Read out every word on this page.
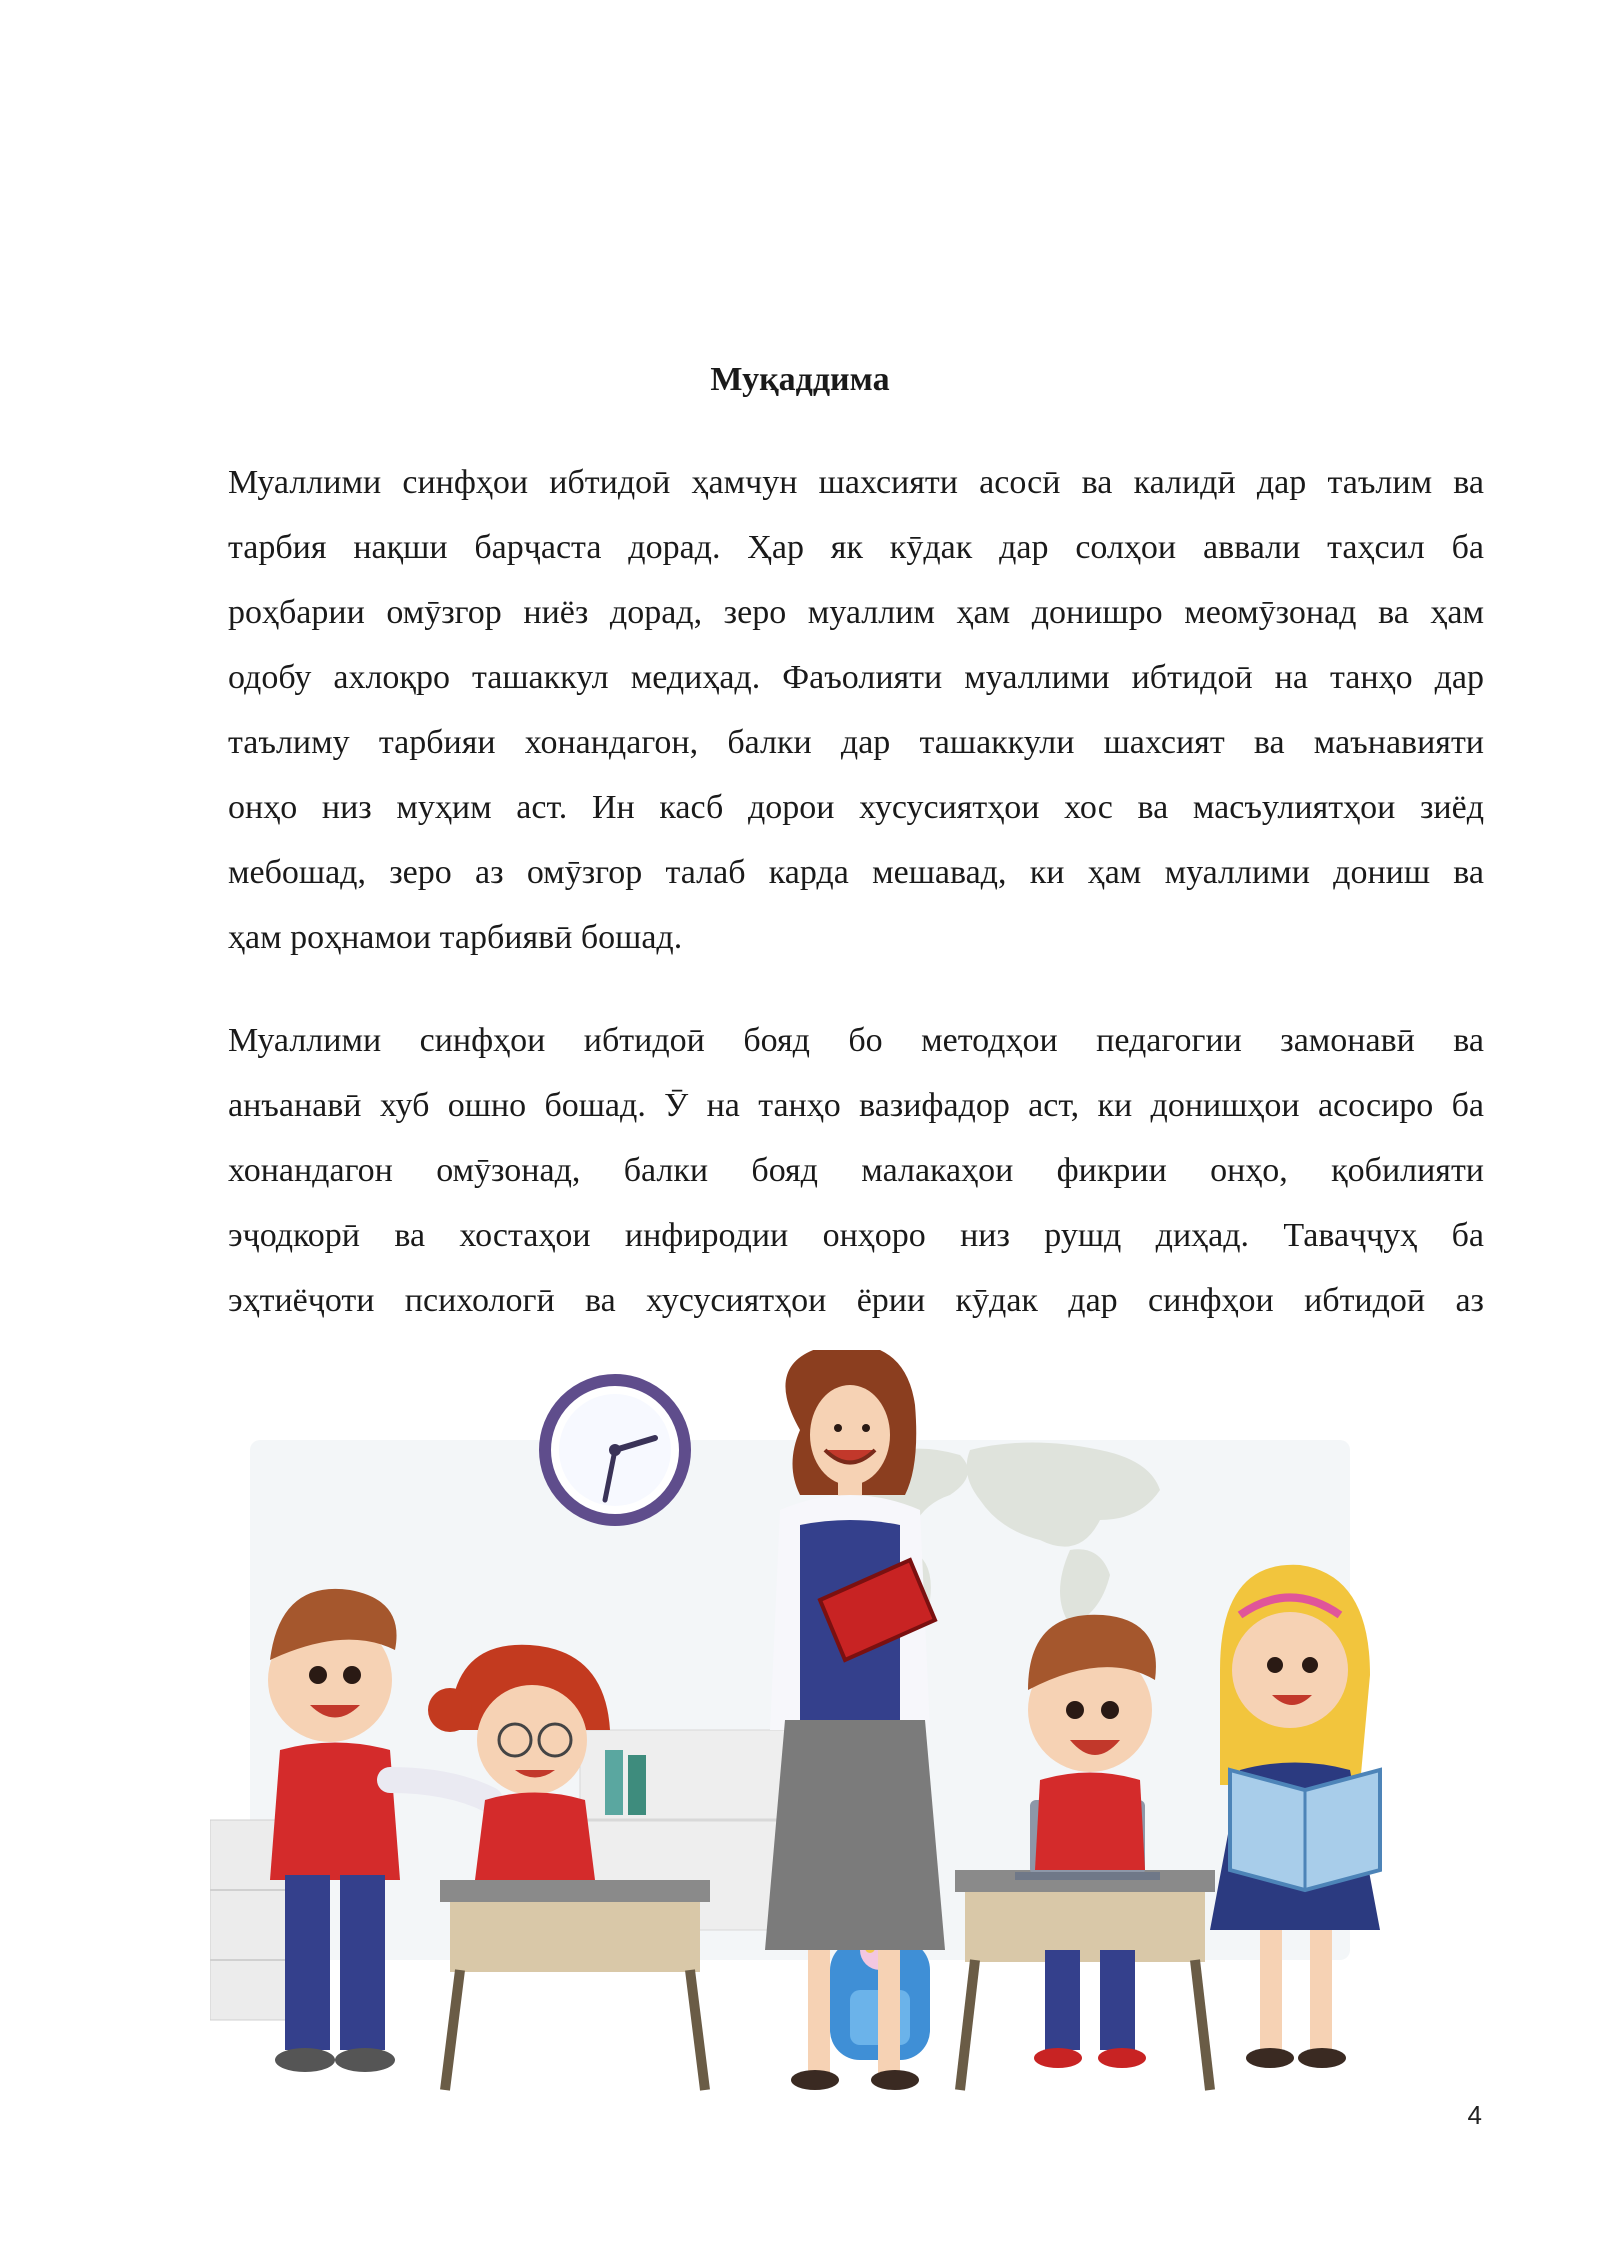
Муқаддима
Муаллими синфҳои ибтидоӣ ҳамчун шахсияти асосӣ ва калидӣ дар таълим ва
тарбия нақши барҷаста дорад. Ҳар як кӯдак дар солҳои аввали таҳсил ба
роҳбарии омӯзгор ниёз дорад, зеро муаллим ҳам донишро меомӯзонад ва ҳам
одобу ахлоқро ташаккул медиҳад. Фаъолияти муаллими ибтидоӣ на танҳо дар
таълиму тарбияи хонандагон, балки дар ташаккули шахсият ва маънавияти
онҳо низ муҳим аст. Ин касб дорои хусусиятҳои хос ва масъулиятҳои зиёд
мебошад, зеро аз омӯзгор талаб карда мешавад, ки ҳам муаллими дониш ва
ҳам роҳнамои тарбиявӣ бошад.
Муаллими синфҳои ибтидоӣ бояд бо методҳои педагогии замонавӣ ва
анъанавӣ хуб ошно бошад. Ӯ на танҳо вазифадор аст, ки донишҳои асосиро ба
хонандагон омӯзонад, балки бояд малакаҳои фикрии онҳо, қобилияти
эҷодкорӣ ва хостаҳои инфиродии онҳоро низ рушд диҳад. Таваҷҷуҳ ба
эҳтиёҷоти психологӣ ва хусусиятҳои ёрии кӯдак дар синфҳои ибтидоӣ аз
4
